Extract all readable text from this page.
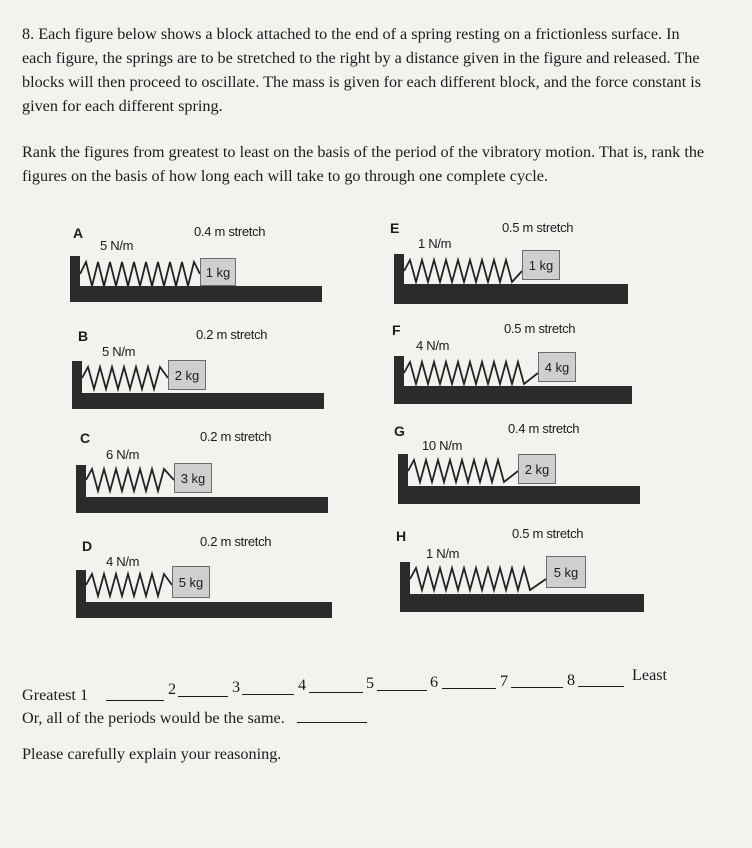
8. Each figure below shows a block attached to the end of a spring resting on a frictionless surface. In each figure, the springs are to be stretched to the right by a distance given in the figure and released. The blocks will then proceed to oscillate. The mass is given for each different block, and the force constant is given for each different spring.
Rank the figures from greatest to least on the basis of the period of the vibratory motion. That is, rank the figures on the basis of how long each will take to go through one complete cycle.
A	0.4 m stretch
5 N/m
1 kg
B	0.2 m stretch
5 N/m
2 kg
C	0.2 m stretch
6 N/m
3 kg
D	0.2 m stretch
4 N/m
5 kg
E	0.5 m stretch
1 N/m
1 kg
F	0.5 m stretch
4 N/m
4 kg
G	0.4 m stretch
10 N/m
2 kg
H	0.5 m stretch
1 N/m
5 kg
Greatest 1	2	3	4	5	6	7	8	Least
Or, all of the periods would be the same.
Please carefully explain your reasoning.
